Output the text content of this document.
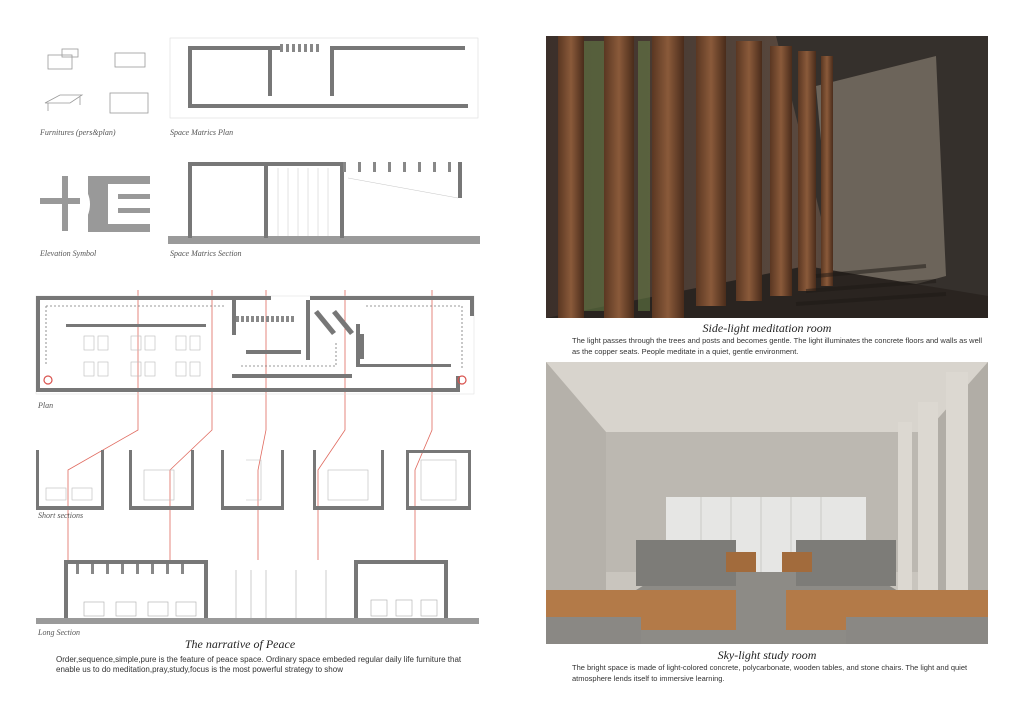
Furnitures (pers&plan)	Space Matrics Plan
Elevation Symbol	Space Matrics Section
Plan
Short sections
Long Section
The narrative of Peace
Order,sequence,simple,pure is the feature of peace space. Ordinary space embeded regular daily life furniture that enable us to do meditation,pray,study,focus is the most powerful strategy to show
Side-light meditation room
The light passes through the trees and posts and becomes gentle. The light illuminates the concrete floors and walls as well as the copper seats. People meditate in a quiet, gentle environment.
Sky-light study room
The bright space is made of light-colored concrete, polycarbonate, wooden tables, and stone chairs. The light and quiet atmosphere lends itself to immersive learning.
